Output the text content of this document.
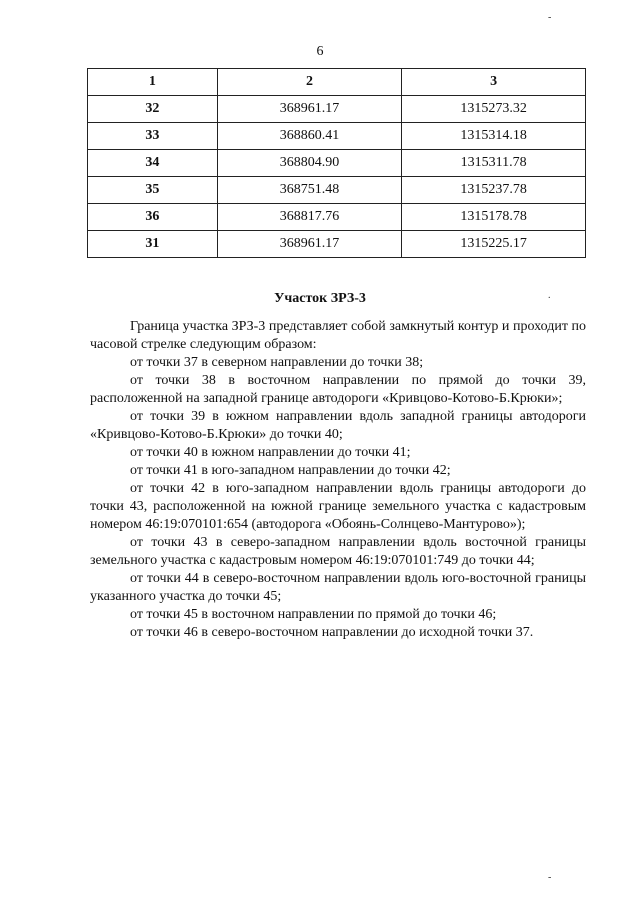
6
1	2	3
32	368961.17	1315273.32
33	368860.41	1315314.18
34	368804.90	1315311.78
35	368751.48	1315237.78
36	368817.76	1315178.78
31	368961.17	1315225.17
Участок ЗРЗ-3

Граница участка ЗРЗ-3 представляет собой замкнутый контур и проходит по часовой стрелке следующим образом:

от точки 37 в северном направлении до точки 38;

от точки 38 в восточном направлении по прямой до точки 39, расположенной на западной границе автодороги «Кривцово-Котово-Б.Крюки»;

от точки 39 в южном направлении вдоль западной границы автодороги «Кривцово-Котово-Б.Крюки» до точки 40;

от точки 40 в южном направлении до точки 41;

от точки 41 в юго-западном направлении до точки 42;

от точки 42 в юго-западном направлении вдоль границы автодороги до точки 43, расположенной на южной границе земельного участка с кадастровым номером 46:19:070101:654 (автодорога «Обоянь-Солнцево-Мантурово»);

от точки 43 в северо-западном направлении вдоль восточной границы земельного участка с кадастровым номером 46:19:070101:749 до точки 44;

от точки 44 в северо-восточном направлении вдоль юго-восточной границы указанного участка до точки 45;

от точки 45 в восточном направлении по прямой до точки 46;

от точки 46 в северо-восточном направлении до исходной точки 37.

-
.
-
